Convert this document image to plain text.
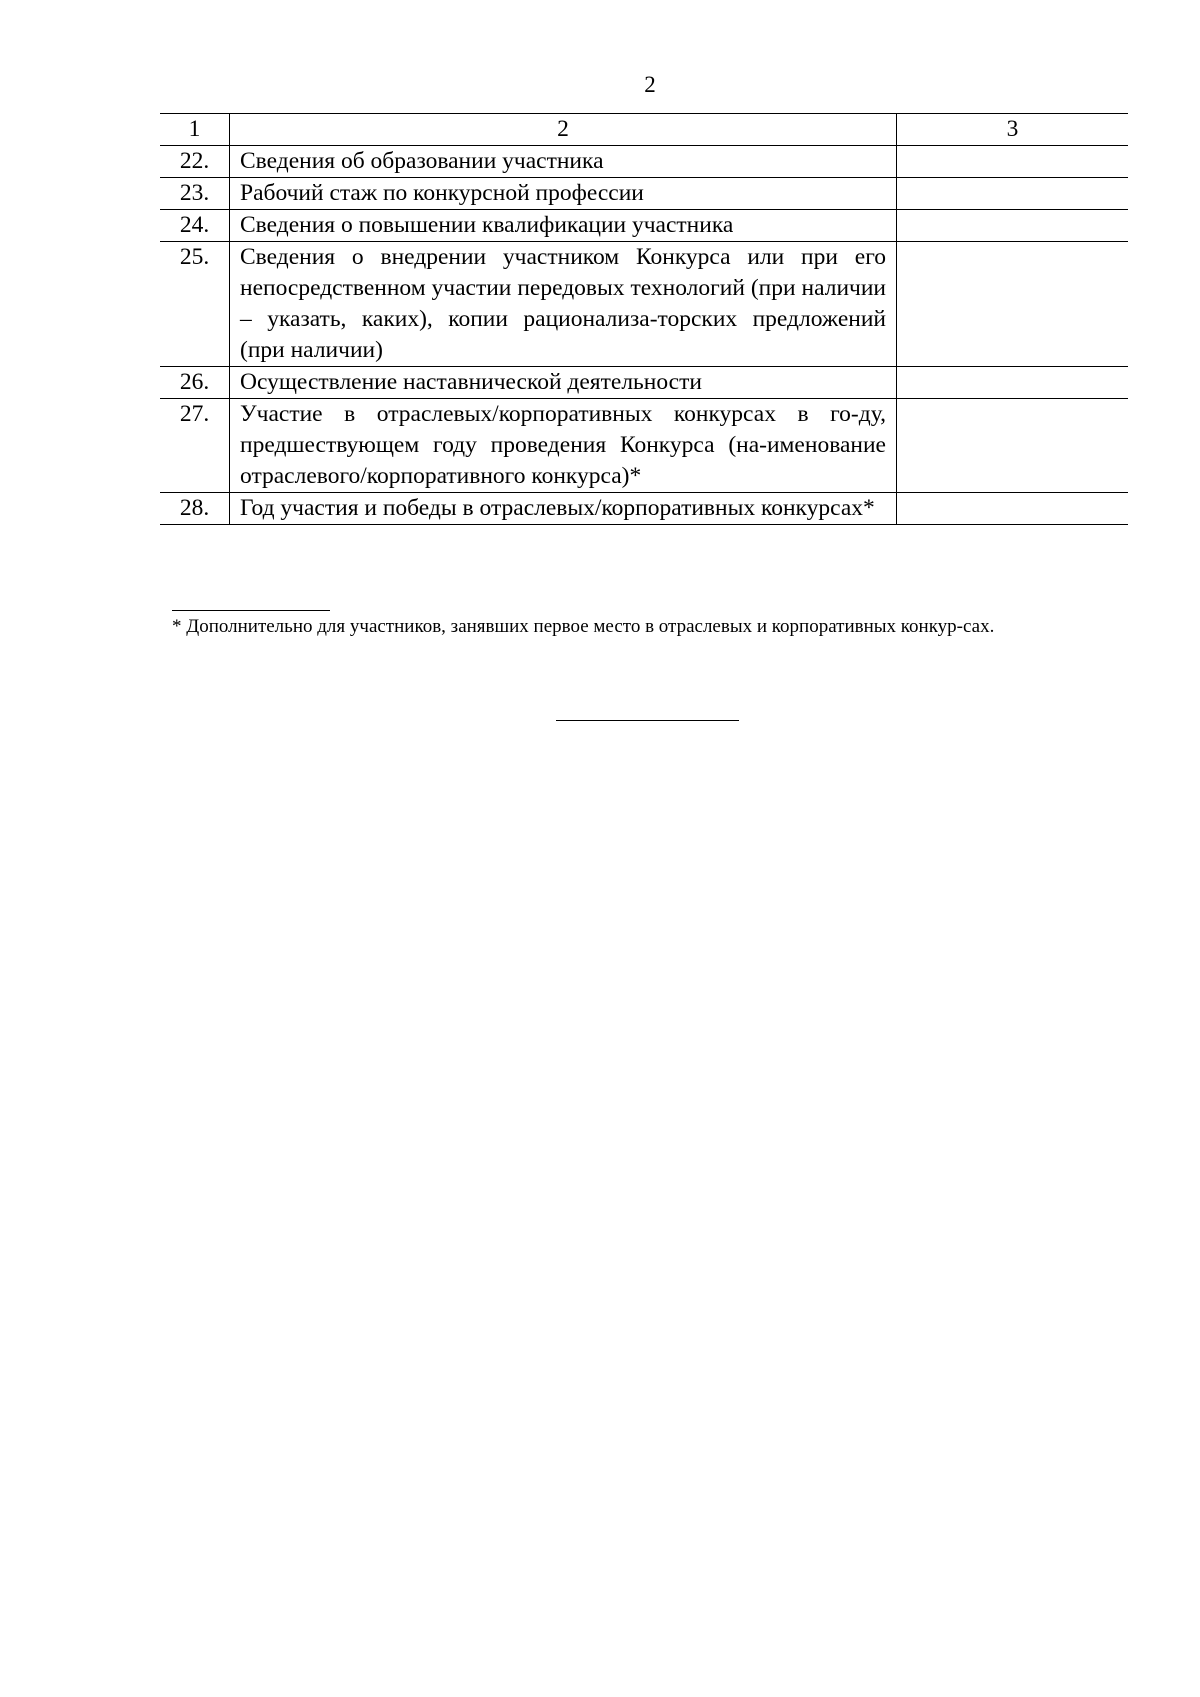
2
1	2	3
22.	Сведения об образовании участника	
23.	Рабочий стаж по конкурсной профессии	
24.	Сведения о повышении квалификации участника	
25.	Сведения о внедрении участником Конкурса или при его непосредственном участии передовых технологий (при наличии – указать, каких), копии рационализа-торских предложений (при наличии)	
26.	Осуществление наставнической деятельности	
27.	Участие в отраслевых/корпоративных конкурсах в го-ду, предшествующем году проведения Конкурса (на-именование отраслевого/корпоративного конкурса)*	
28.	Год участия и победы в отраслевых/корпоративных конкурсах*	
* Дополнительно для участников, занявших первое место в отраслевых и корпоративных конкур-сах.
